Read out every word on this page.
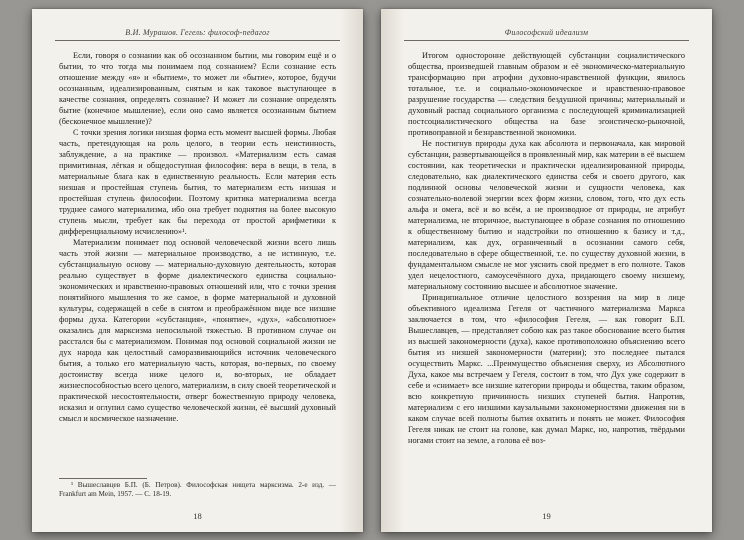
В.И. Мурашов. Гегель: философ-педагог

Если, говоря о сознании как об осознанном бытии, мы говорим ещё и о бытии, то что тогда мы понимаем под сознанием? Если сознание есть отношение между «я» и «бытием», то может ли «бытие», которое, будучи осознанным, идеализированным, снятым и как таковое выступающее в качестве сознания, определять сознание? И может ли сознание определять бытие (конечное мышление), если оно само является осознанным бытием (бесконечное мышление)?

С точки зрения логики низшая форма есть момент высшей формы. Любая часть, претендующая на роль целого, в теории есть неистинность, заблуждение, а на практике — произвол. «Материализм есть самая примитивная, лёгкая и общедоступная философия: вера в вещи, в тела, в материальные блага как в единственную реальность. Если материя есть низшая и простейшая ступень бытия, то материализм есть низшая и простейшая ступень философии. Поэтому критика материализма всегда труднее самого материализма, ибо она требует поднятия на более высокую ступень мысли, требует как бы перехода от простой арифметики к дифференциальному исчислению»¹.

Материализм понимает под основой человеческой жизни всего лишь часть этой жизни — материальное производство, а не истинную, т.е. субстанциальную основу — материально-духовную деятельность, которая реально существует в форме диалектического единства социально-экономических и нравственно-правовых отношений или, что с точки зрения понятийного мышления то же самое, в форме материальной и духовной культуры, содержащей в себе в снятом и преображённом виде все низшие формы духа. Категории «субстанция», «понятие», «дух», «абсолютное» оказались для марксизма непосильной тяжестью. В противном случае он расстался бы с материализмом. Понимая под основой социальной жизни не дух народа как целостный саморазвивающийся источник человеческого бытия, а только его материальную часть, которая, во-первых, по своему достоинству всегда ниже целого и, во-вторых, не обладает жизнеспособностью всего целого, материализм, в силу своей теоретической и практической несостоятельности, отверг божественную природу человека, исказил и оглупил само существо человеческой жизни, её высший духовный смысл и космическое назначение.

¹ Вышеславцев Б.П. (Б. Петров). Философская нищета марксизма. 2-е изд. — Frankfurt am Mein, 1957. — С. 18-19.

18
Философский идеализм

Итогом односторонне действующей субстанции социалистического общества, произведшей главным образом и её экономическо-материальную трансформацию при атрофии духовно-нравственной функции, явилось тотальное, т.е. и социально-экономическое и нравственно-правовое разрушение государства — следствия бездушной причины; материальный и духовный распад социального организма с последующей криминализацией постсоциалистического общества на базе эгоистическо-рыночной, противоправной и безнравственной экономики.

Не постигнув природы духа как абсолюта и первоначала, как мировой субстанции, развертывающейся в проявленный мир, как материи в её высшем состоянии, как теоретически и практически идеализированной природы, следовательно, как диалектического единства себя и своего другого, как подлинной основы человеческой жизни и сущности человека, как сознательно-волевой энергии всех форм жизни, словом, того, что дух есть альфа и омега, всё и во всём, а не производное от природы, не атрибут материализма, не вторичное, выступающее в образе сознания по отношению к общественному бытию и надстройки по отношению к базису и т.д., материализм, как дух, ограниченный в осознании самого себя, последовательно в сфере общественной, т.е. по существу духовной жизни, в фундаментальном смысле не мог уяснить свой предмет в его полноте. Таков удел нецелостного, самоусечённого духа, придающего своему низшему, материальному состоянию высшее и абсолютное значение.

Принципиальное отличие целостного воззрения на мир в лице объективного идеализма Гегеля от частичного материализма Маркса заключается в том, что «философия Гегеля, — как говорит Б.П. Вышеславцев, — представляет собою как раз такое обоснование всего бытия из высшей закономерности (духа), какое противоположно объяснению всего бытия из низшей закономерности (материи); это последнее пытался осуществить Маркс. ...Преимущество объяснения сверху, из Абсолютного Духа, какое мы встречаем у Гегеля, состоит в том, что Дух уже содержит в себе и «снимает» все низшие категории природы и общества, таким образом, всю конкретную причинность низших ступеней бытия. Напротив, материализм с его низшими каузальными закономерностями движения ни в каком случае всей полноты бытия охватить и понять не может. Философия Гегеля никак не стоит на голове, как думал Маркс, но, напротив, твёрдыми ногами стоит на земле, а голова её воз-

19
